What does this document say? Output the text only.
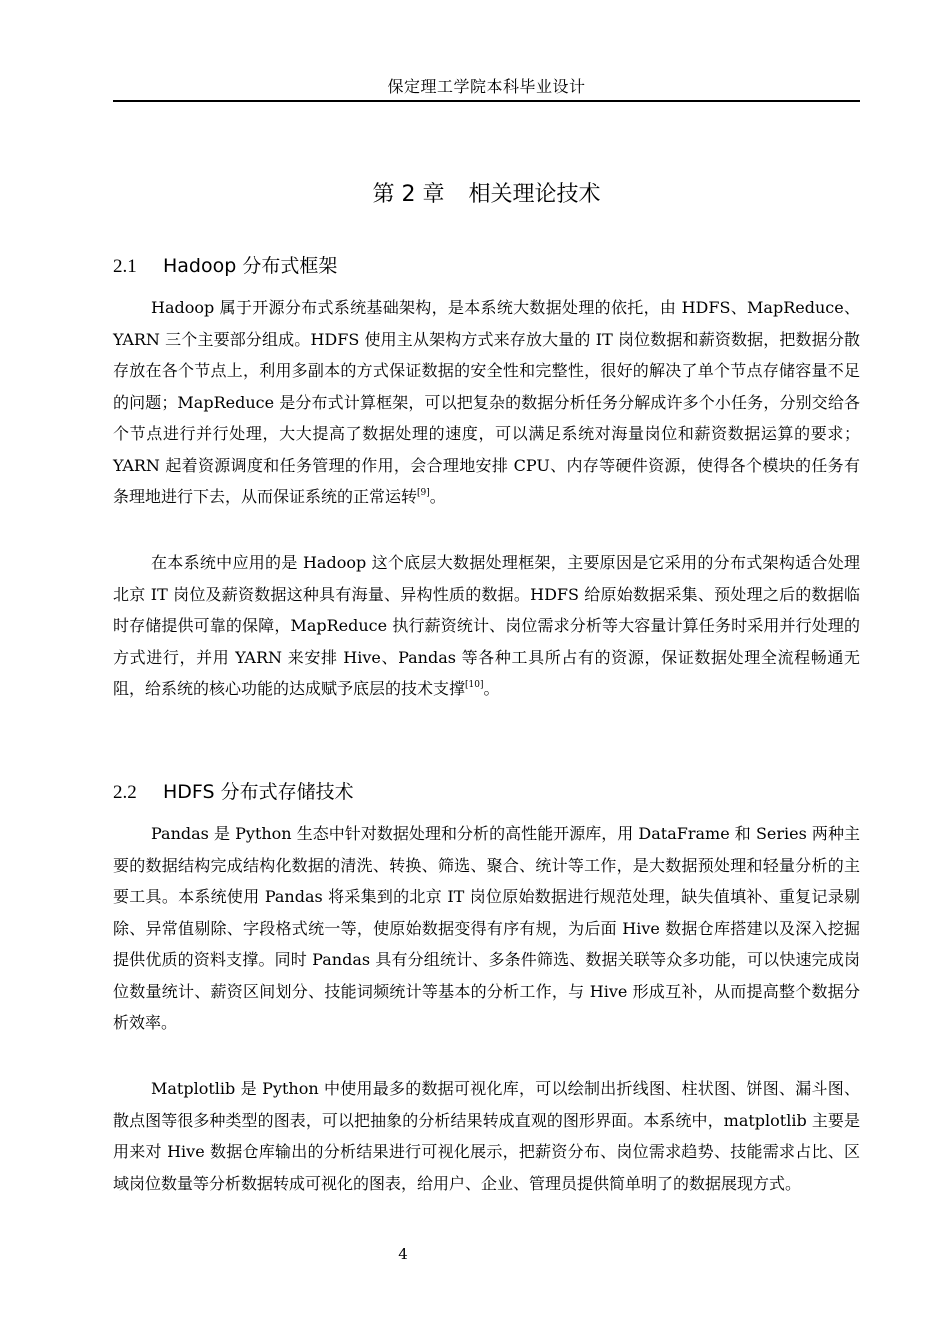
保定理工学院本科毕业设计
第 2 章 相关理论技术
2.1 Hadoop 分布式框架

Hadoop 属于开源分布式系统基础架构，是本系统大数据处理的依托，由 HDFS、MapReduce、YARN 三个主要部分组成。HDFS 使用主从架构方式来存放大量的 IT 岗位数据和薪资数据，把数据分散存放在各个节点上，利用多副本的方式保证数据的安全性和完整性，很好的解决了单个节点存储容量不足的问题；MapReduce 是分布式计算框架，可以把复杂的数据分析任务分解成许多个小任务，分别交给各个节点进行并行处理，大大提高了数据处理的速度，可以满足系统对海量岗位和薪资数据运算的要求；YARN 起着资源调度和任务管理的作用，会合理地安排 CPU、内存等硬件资源，使得各个模块的任务有条理地进行下去，从而保证系统的正常运转[9]。

在本系统中应用的是 Hadoop 这个底层大数据处理框架，主要原因是它采用的分布式架构适合处理北京 IT 岗位及薪资数据这种具有海量、异构性质的数据。HDFS 给原始数据采集、预处理之后的数据临时存储提供可靠的保障，MapReduce 执行薪资统计、岗位需求分析等大容量计算任务时采用并行处理的方式进行，并用 YARN 来安排 Hive、Pandas 等各种工具所占有的资源，保证数据处理全流程畅通无阻，给系统的核心功能的达成赋予底层的技术支撑[10]。

2.2 HDFS 分布式存储技术

Pandas 是 Python 生态中针对数据处理和分析的高性能开源库，用 DataFrame 和 Series 两种主要的数据结构完成结构化数据的清洗、转换、筛选、聚合、统计等工作，是大数据预处理和轻量分析的主要工具。本系统使用 Pandas 将采集到的北京 IT 岗位原始数据进行规范处理，缺失值填补、重复记录剔除、异常值剔除、字段格式统一等，使原始数据变得有序有规，为后面 Hive 数据仓库搭建以及深入挖掘提供优质的资料支撑。同时 Pandas 具有分组统计、多条件筛选、数据关联等众多功能，可以快速完成岗位数量统计、薪资区间划分、技能词频统计等基本的分析工作，与 Hive 形成互补，从而提高整个数据分析效率。

Matplotlib 是 Python 中使用最多的数据可视化库，可以绘制出折线图、柱状图、饼图、漏斗图、散点图等很多种类型的图表，可以把抽象的分析结果转成直观的图形界面。本系统中，matplotlib 主要是用来对 Hive 数据仓库输出的分析结果进行可视化展示，把薪资分布、岗位需求趋势、技能需求占比、区域岗位数量等分析数据转成可视化的图表，给用户、企业、管理员提供简单明了的数据展现方式。

4
